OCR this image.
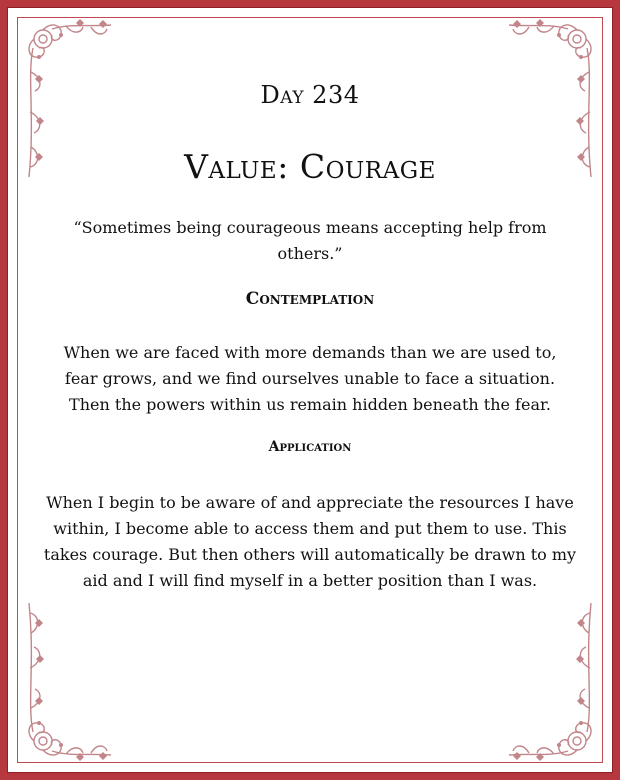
Day 234
Value: Courage
“Sometimes being courageous means accepting help from others.”
Contemplation
When we are faced with more demands than we are used to, fear grows, and we find ourselves unable to face a situation. Then the powers within us remain hidden beneath the fear.
Application
When I begin to be aware of and appreciate the resources I have within, I become able to access them and put them to use. This takes courage. But then others will automatically be drawn to my aid and I will find myself in a better position than I was.
